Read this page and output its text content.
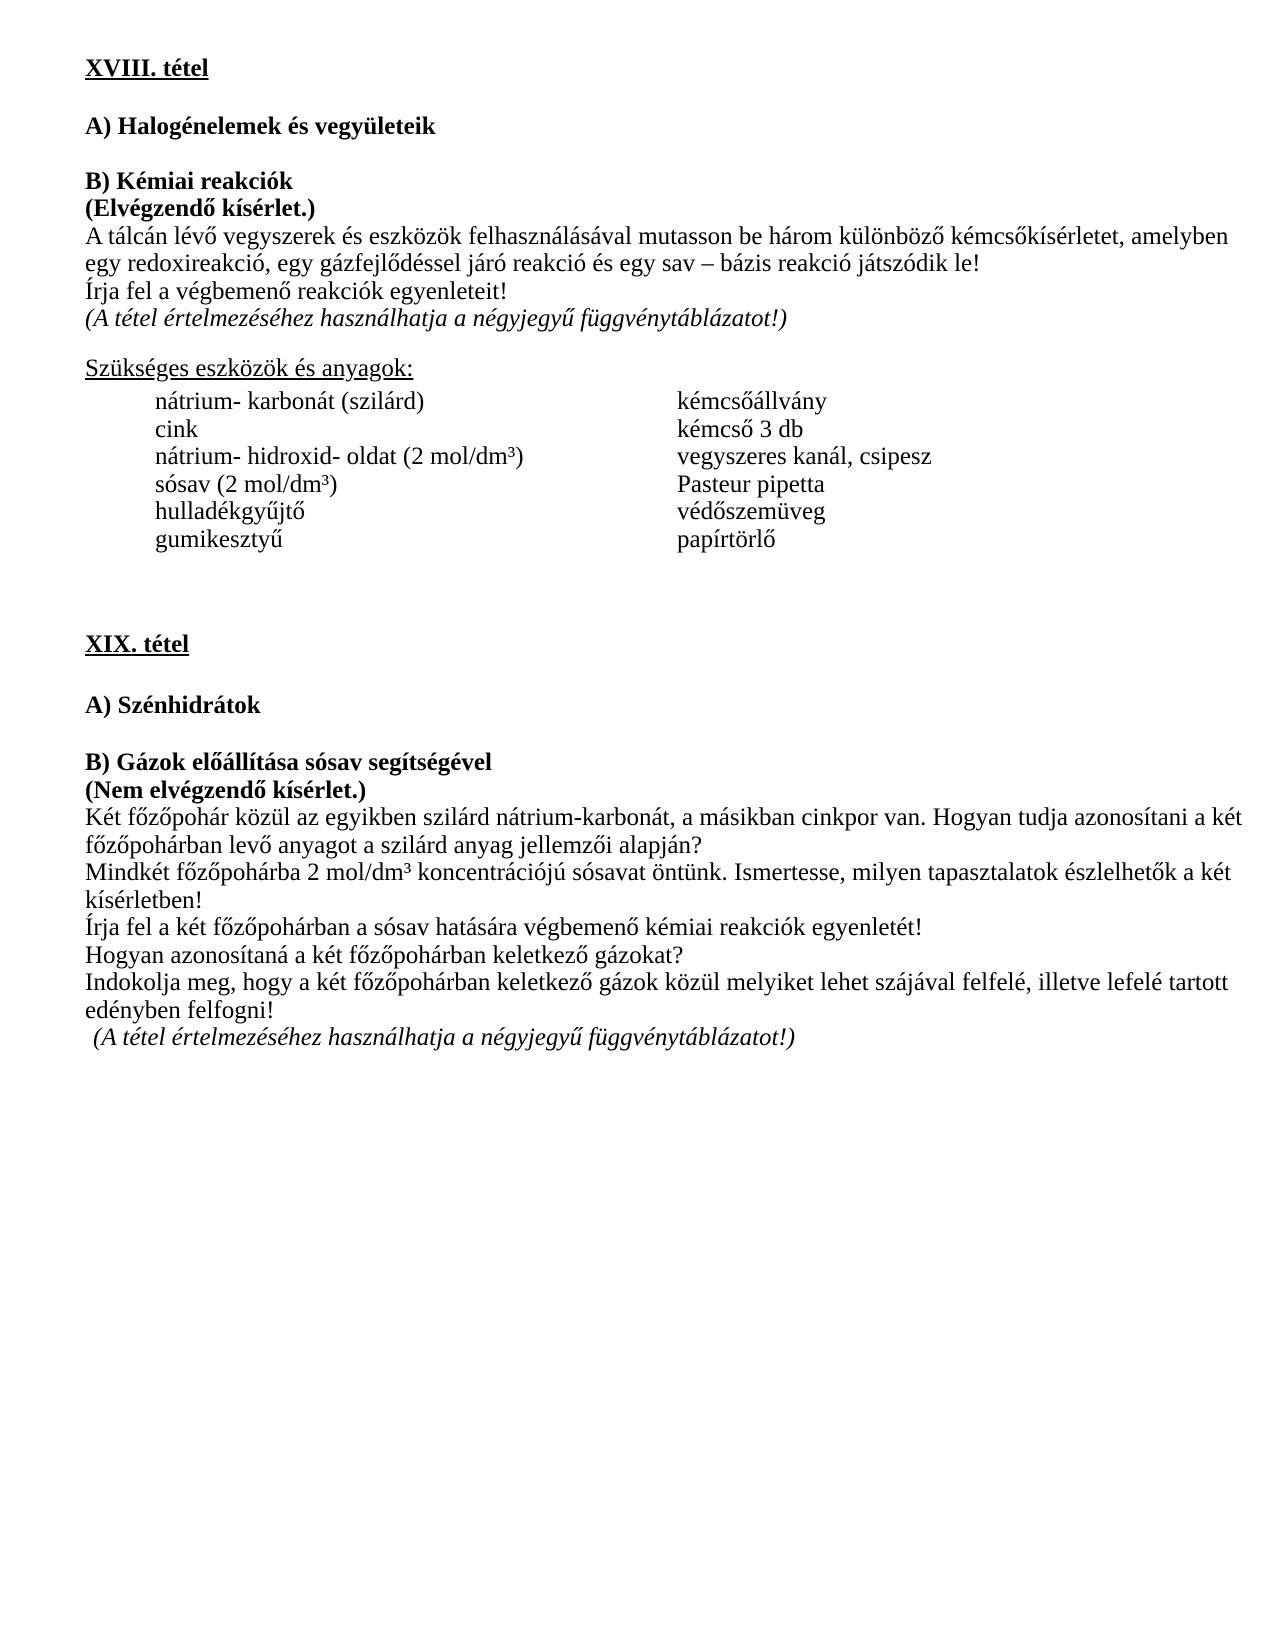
XVIII. tétel
A) Halogénelemek és vegyületeik
B) Kémiai reakciók
(Elvégzendő kísérlet.)
A tálcán lévő vegyszerek és eszközök felhasználásával mutasson be három különböző kémcsőkísérletet, amelyben
egy redoxireakció, egy gázfejlődéssel járó reakció és egy sav – bázis reakció játszódik le!
Írja fel a végbemenő reakciók egyenleteit!
(A tétel értelmezéséhez használhatja a négyjegyű függvénytáblázatot!)
Szükséges eszközök és anyagok:
nátrium- karbonát (szilárd)	kémcsőállvány
cink	kémcső 3 db
nátrium- hidroxid- oldat (2 mol/dm³)	vegyszeres kanál, csipesz
sósav (2 mol/dm³)	Pasteur pipetta
hulladékgyűjtő	védőszemüveg
gumikesztyű	papírtörlő
XIX. tétel
A) Szénhidrátok
B) Gázok előállítása sósav segítségével
(Nem elvégzendő kísérlet.)
Két főzőpohár közül az egyikben szilárd nátrium-karbonát, a másikban cinkpor van. Hogyan tudja azonosítani a két
főzőpohárban levő anyagot a szilárd anyag jellemzői alapján?
Mindkét főzőpohárba 2 mol/dm³ koncentrációjú sósavat öntünk. Ismertesse, milyen tapasztalatok észlelhetők a két
kísérletben!
Írja fel a két főzőpohárban a sósav hatására végbemenő kémiai reakciók egyenletét!
Hogyan azonosítaná a két főzőpohárban keletkező gázokat?
Indokolja meg, hogy a két főzőpohárban keletkező gázok közül melyiket lehet szájával felfelé, illetve lefelé tartott
edényben felfogni!
(A tétel értelmezéséhez használhatja a négyjegyű függvénytáblázatot!)
